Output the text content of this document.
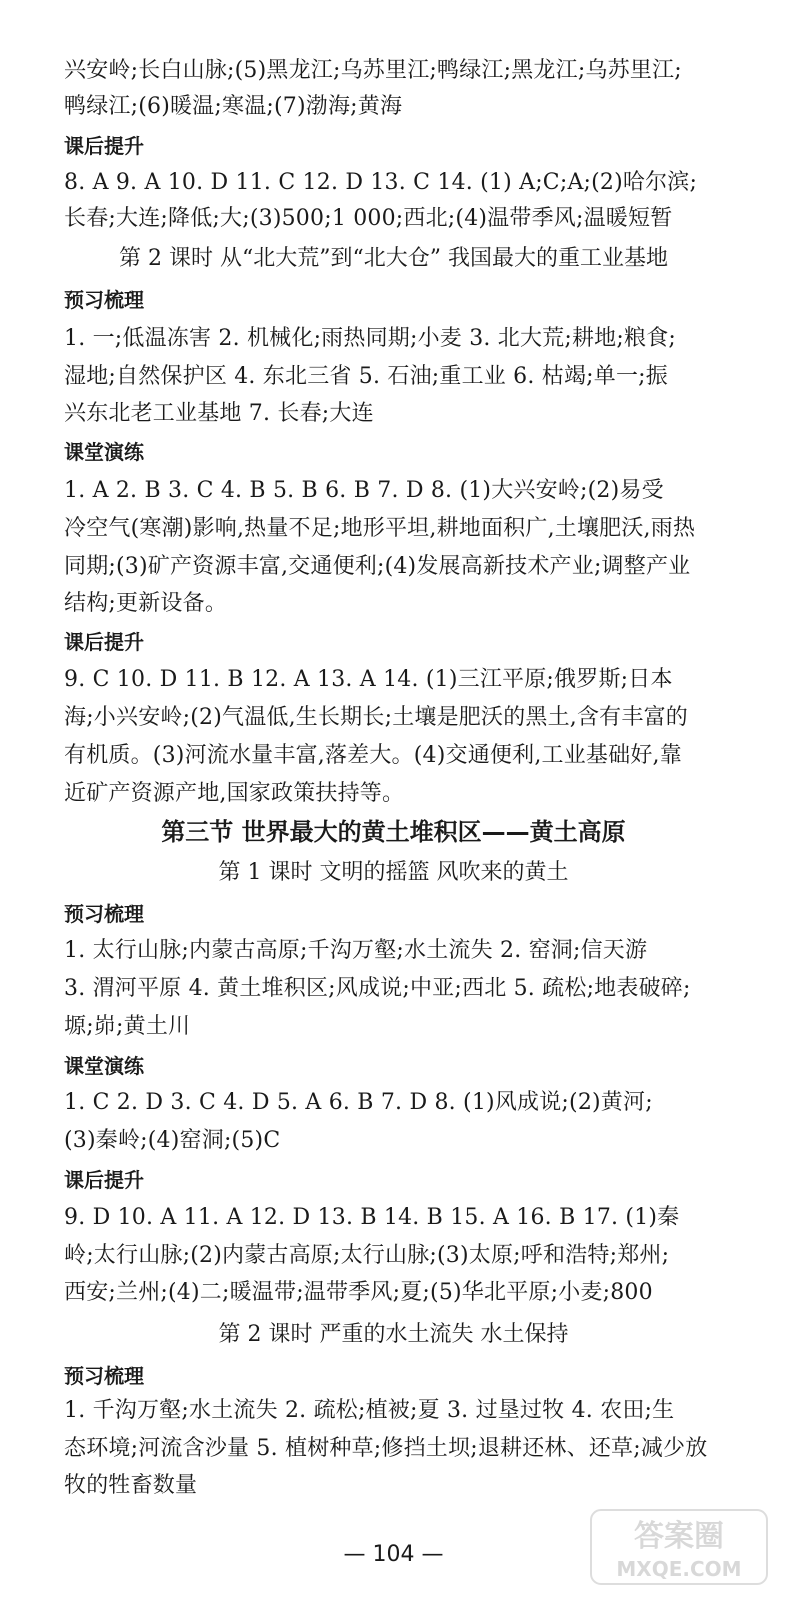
兴安岭;长白山脉;(5)黑龙江;乌苏里江;鸭绿江;黑龙江;乌苏里江;
鸭绿江;(6)暖温;寒温;(7)渤海;黄海
课后提升
8. A 9. A 10. D 11. C 12. D 13. C 14. (1) A;C;A;(2)哈尔滨;
长春;大连;降低;大;(3)500;1 000;西北;(4)温带季风;温暖短暂
第 2 课时 从“北大荒”到“北大仓” 我国最大的重工业基地
预习梳理
1. 一;低温冻害 2. 机械化;雨热同期;小麦 3. 北大荒;耕地;粮食;
湿地;自然保护区 4. 东北三省 5. 石油;重工业 6. 枯竭;单一;振
兴东北老工业基地 7. 长春;大连
课堂演练
1. A 2. B 3. C 4. B 5. B 6. B 7. D 8. (1)大兴安岭;(2)易受
冷空气(寒潮)影响,热量不足;地形平坦,耕地面积广,土壤肥沃,雨热
同期;(3)矿产资源丰富,交通便利;(4)发展高新技术产业;调整产业
结构;更新设备。
课后提升
9. C 10. D 11. B 12. A 13. A 14. (1)三江平原;俄罗斯;日本
海;小兴安岭;(2)气温低,生长期长;土壤是肥沃的黑土,含有丰富的
有机质。(3)河流水量丰富,落差大。(4)交通便利,工业基础好,靠
近矿产资源产地,国家政策扶持等。
第三节 世界最大的黄土堆积区——黄土高原
第 1 课时 文明的摇篮 风吹来的黄土
预习梳理
1. 太行山脉;内蒙古高原;千沟万壑;水土流失 2. 窑洞;信天游
3. 渭河平原 4. 黄土堆积区;风成说;中亚;西北 5. 疏松;地表破碎;
塬;峁;黄土川
课堂演练
1. C 2. D 3. C 4. D 5. A 6. B 7. D 8. (1)风成说;(2)黄河;
(3)秦岭;(4)窑洞;(5)C
课后提升
9. D 10. A 11. A 12. D 13. B 14. B 15. A 16. B 17. (1)秦
岭;太行山脉;(2)内蒙古高原;太行山脉;(3)太原;呼和浩特;郑州;
西安;兰州;(4)二;暖温带;温带季风;夏;(5)华北平原;小麦;800
第 2 课时 严重的水土流失 水土保持
预习梳理
1. 千沟万壑;水土流失 2. 疏松;植被;夏 3. 过垦过牧 4. 农田;生
态环境;河流含沙量 5. 植树种草;修挡土坝;退耕还林、还草;减少放
牧的牲畜数量
— 104 —
答案圈
MXQE.COM
